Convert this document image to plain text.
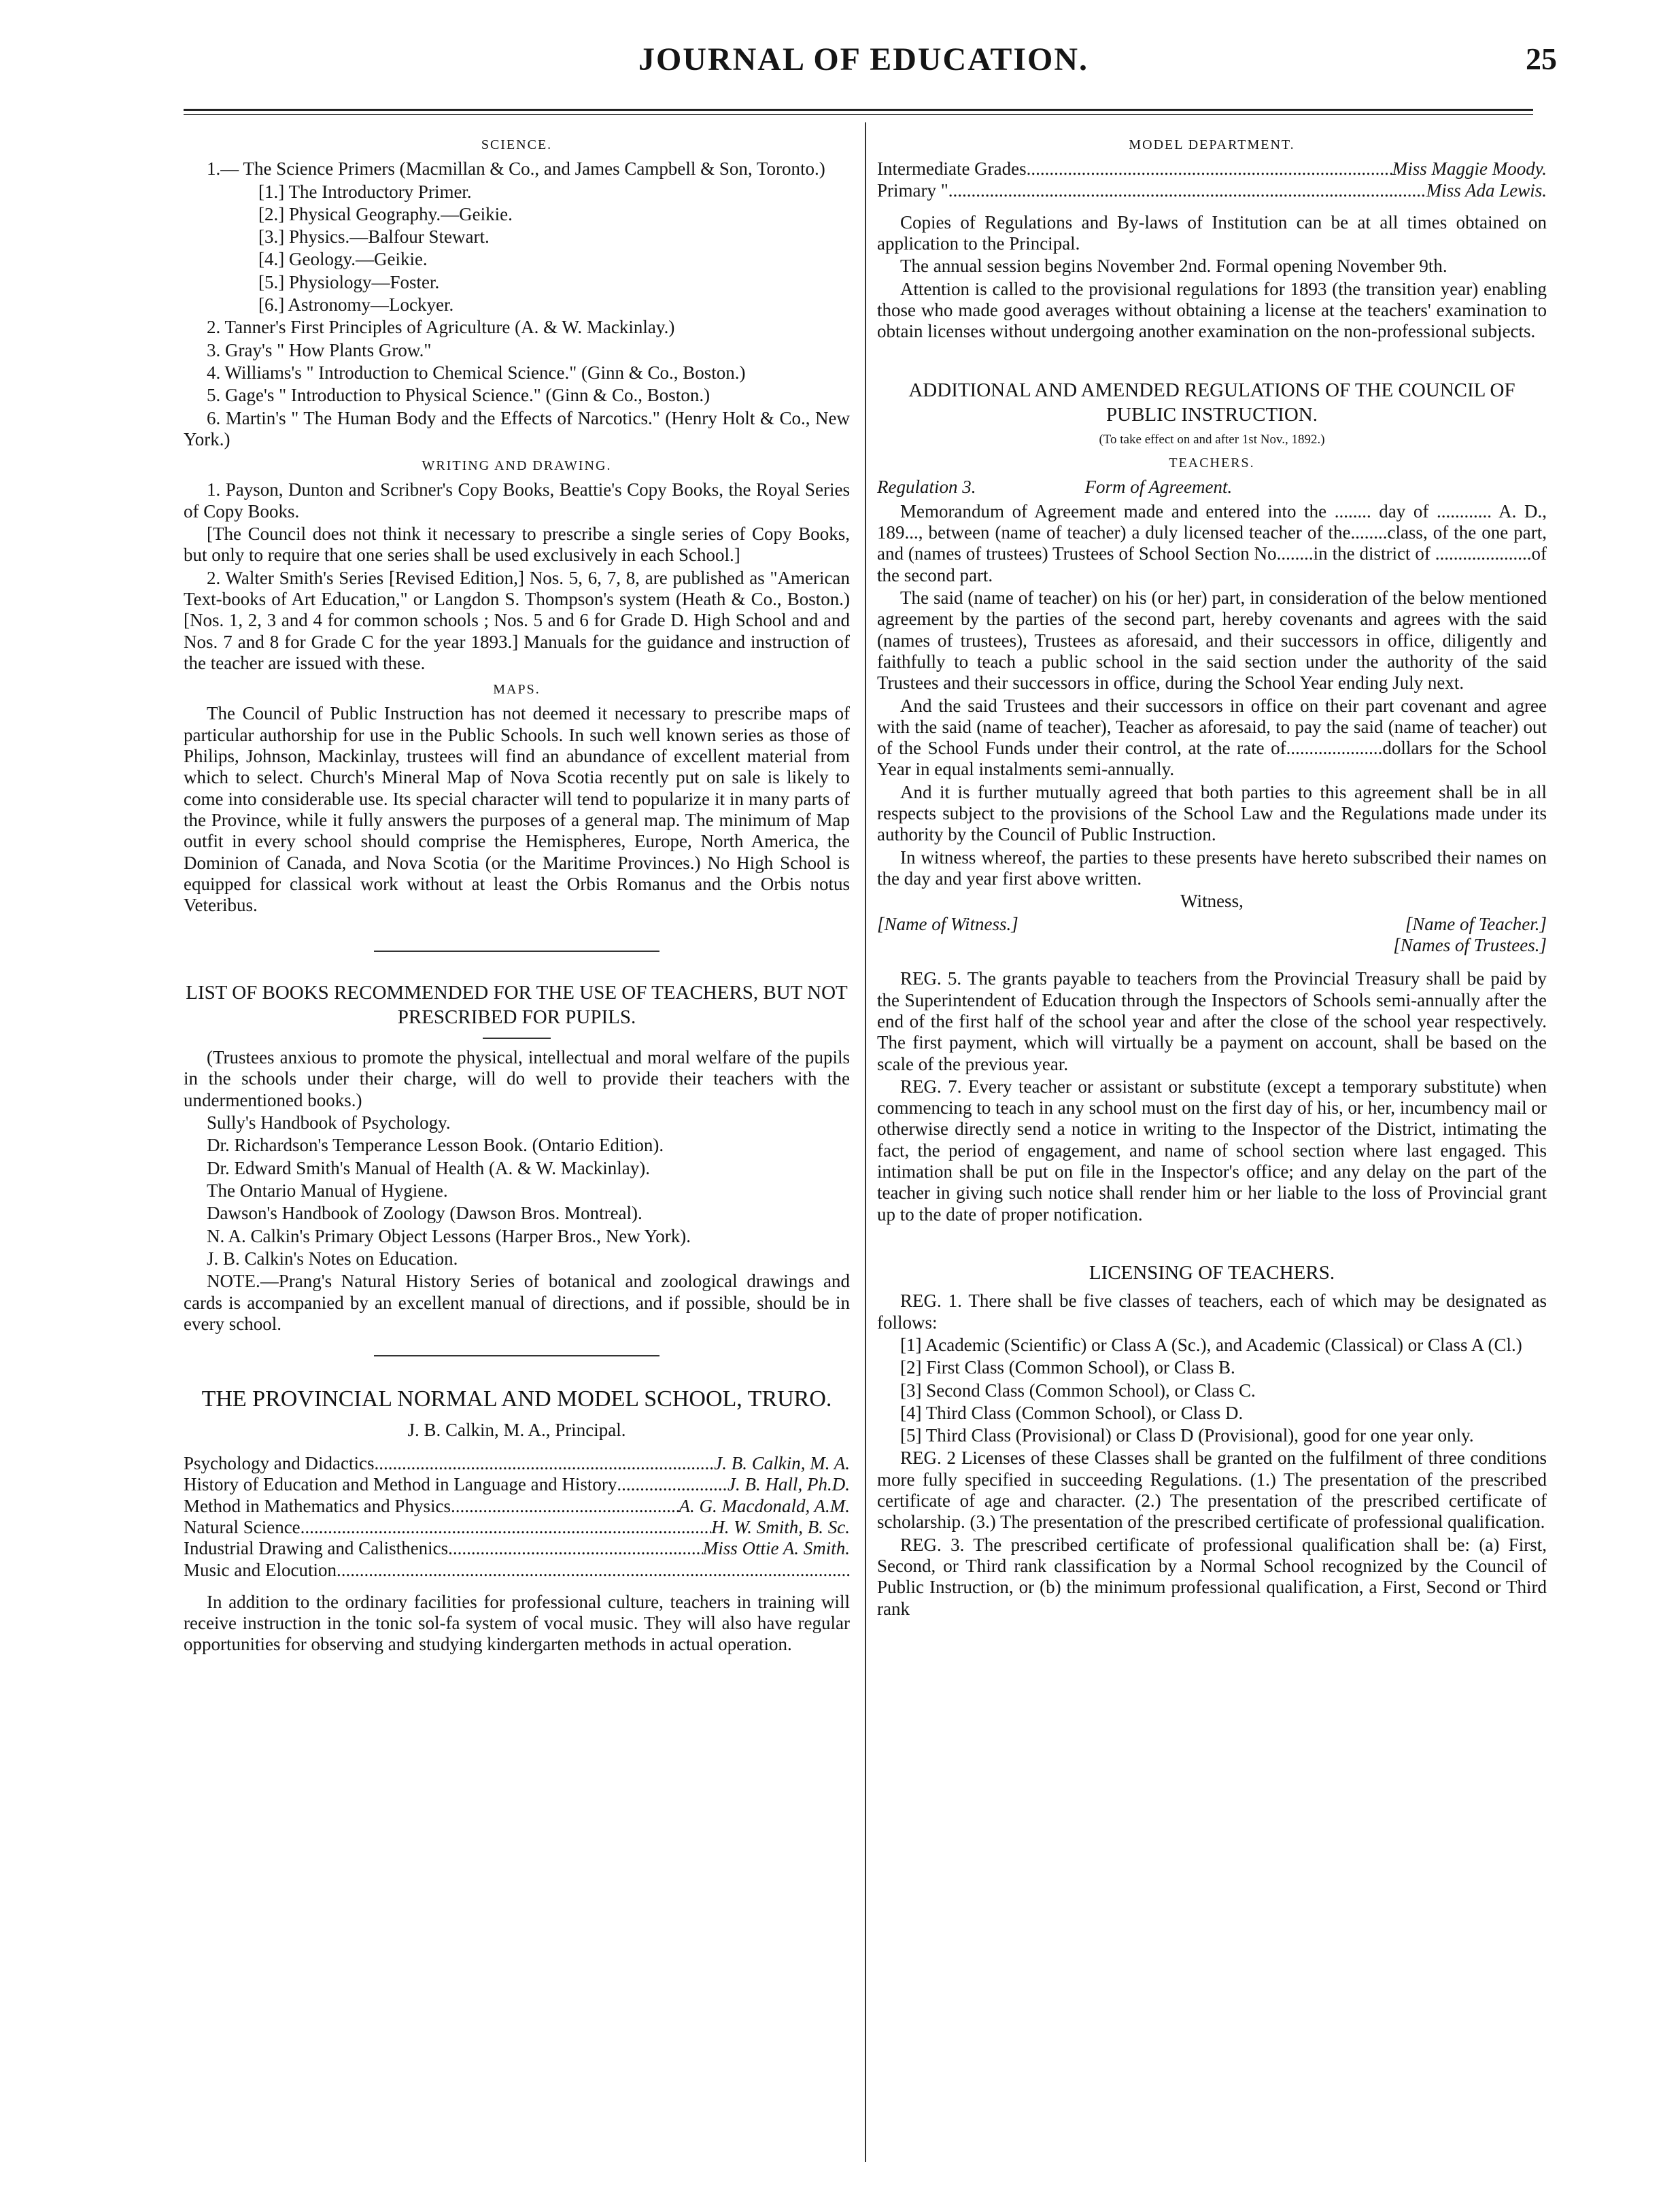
JOURNAL OF EDUCATION.	25
SCIENCE.

1.— The Science Primers (Macmillan & Co., and James Campbell & Son, Toronto.)

[1.] The Introductory Primer.

[2.] Physical Geography.—Geikie.

[3.] Physics.—Balfour Stewart.

[4.] Geology.—Geikie.

[5.] Physiology—Foster.

[6.] Astronomy—Lockyer.

2. Tanner's First Principles of Agriculture (A. & W. Mackinlay.)

3. Gray's " How Plants Grow."

4. Williams's " Introduction to Chemical Science." (Ginn & Co., Boston.)

5. Gage's " Introduction to Physical Science." (Ginn & Co., Boston.)

6. Martin's " The Human Body and the Effects of Narcotics." (Henry Holt & Co., New York.)

WRITING AND DRAWING.

1. Payson, Dunton and Scribner's Copy Books, Beattie's Copy Books, the Royal Series of Copy Books.

[The Council does not think it necessary to prescribe a single series of Copy Books, but only to require that one series shall be used exclusively in each School.]

2. Walter Smith's Series [Revised Edition,] Nos. 5, 6, 7, 8, are published as "American Text-books of Art Education," or Langdon S. Thompson's system (Heath & Co., Boston.) [Nos. 1, 2, 3 and 4 for common schools ; Nos. 5 and 6 for Grade D. High School and and Nos. 7 and 8 for Grade C for the year 1893.] Manuals for the guidance and instruction of the teacher are issued with these.

MAPS.

The Council of Public Instruction has not deemed it necessary to prescribe maps of particular authorship for use in the Public Schools. In such well known series as those of Philips, Johnson, Mackinlay, trustees will find an abundance of excellent material from which to select. Church's Mineral Map of Nova Scotia recently put on sale is likely to come into considerable use. Its special character will tend to popularize it in many parts of the Province, while it fully answers the purposes of a general map. The minimum of Map outfit in every school should comprise the Hemispheres, Europe, North America, the Dominion of Canada, and Nova Scotia (or the Maritime Provinces.) No High School is equipped for classical work without at least the Orbis Romanus and the Orbis notus Veteribus.

LIST OF BOOKS RECOMMENDED FOR THE USE OF TEACHERS, BUT NOT PRESCRIBED FOR PUPILS.

(Trustees anxious to promote the physical, intellectual and moral welfare of the pupils in the schools under their charge, will do well to provide their teachers with the undermentioned books.)

Sully's Handbook of Psychology.

Dr. Richardson's Temperance Lesson Book. (Ontario Edition).

Dr. Edward Smith's Manual of Health (A. & W. Mackinlay).

The Ontario Manual of Hygiene.

Dawson's Handbook of Zoology (Dawson Bros. Montreal).

N. A. Calkin's Primary Object Lessons (Harper Bros., New York).

J. B. Calkin's Notes on Education.

NOTE.—Prang's Natural History Series of botanical and zoological drawings and cards is accompanied by an excellent manual of directions, and if possible, should be in every school.

THE PROVINCIAL NORMAL AND MODEL SCHOOL, TRURO.

J. B. Calkin, M. A., Principal.

Psychology and Didactics .....	J. B. Calkin, M. A.
History of Education and Method in Language and History .....	J. B. Hall, Ph.D.
Method in Mathematics and Physics .....	A. G. Macdonald, A.M.
Natural Science .....	H. W. Smith, B. Sc.
Industrial Drawing and Calisthenics .....	Miss Ottie A. Smith.
Music and Elocution
.....

In addition to the ordinary facilities for professional culture, teachers in training will receive instruction in the tonic sol-fa system of vocal music. They will also have regular opportunities for observing and studying kindergarten methods in actual operation.

MODEL DEPARTMENT.
Intermediate Grades .....	Miss Maggie Moody.
Primary " .....	Miss Ada Lewis.

Copies of Regulations and By-laws of Institution can be at all times obtained on application to the Principal.

The annual session begins November 2nd. Formal opening November 9th.

Attention is called to the provisional regulations for 1893 (the transition year) enabling those who made good averages without obtaining a license at the teachers' examination to obtain licenses without undergoing another examination on the non-professional subjects.

ADDITIONAL AND AMENDED REGULATIONS OF THE COUNCIL OF PUBLIC INSTRUCTION.
(To take effect on and after 1st Nov., 1892.)
TEACHERS.
Regulation 3.	Form of Agreement.

Memorandum of Agreement made and entered into the ........ day of ............ A. D., 189..., between (name of teacher) a duly licensed teacher of the........class, of the one part, and (names of trustees) Trustees of School Section No........in the district of .....................of the second part.

The said (name of teacher) on his (or her) part, in consideration of the below mentioned agreement by the parties of the second part, hereby covenants and agrees with the said (names of trustees), Trustees as aforesaid, and their successors in office, diligently and faithfully to teach a public school in the said section under the authority of the said Trustees and their successors in office, during the School Year ending July next.

And the said Trustees and their successors in office on their part covenant and agree with the said (name of teacher), Teacher as aforesaid, to pay the said (name of teacher) out of the School Funds under their control, at the rate of.....................dollars for the School Year in equal instalments semi-annually.

And it is further mutually agreed that both parties to this agreement shall be in all respects subject to the provisions of the School Law and the Regulations made under its authority by the Council of Public Instruction.

In witness whereof, the parties to these presents have hereto subscribed their names on the day and year first above written.

Witness,

[Name of Witness.]	[Name of Teacher.]

[Names of Trustees.]

REG. 5. The grants payable to teachers from the Provincial Treasury shall be paid by the Superintendent of Education through the Inspectors of Schools semi-annually after the end of the first half of the school year and after the close of the school year respectively. The first payment, which will virtually be a payment on account, shall be based on the scale of the previous year.

REG. 7. Every teacher or assistant or substitute (except a temporary substitute) when commencing to teach in any school must on the first day of his, or her, incumbency mail or otherwise directly send a notice in writing to the Inspector of the District, intimating the fact, the period of engagement, and name of school section where last engaged. This intimation shall be put on file in the Inspector's office; and any delay on the part of the teacher in giving such notice shall render him or her liable to the loss of Provincial grant up to the date of proper notification.

LICENSING OF TEACHERS.

REG. 1. There shall be five classes of teachers, each of which may be designated as follows:

[1] Academic (Scientific) or Class A (Sc.), and Academic (Classical) or Class A (Cl.)

[2] First Class (Common School), or Class B.

[3] Second Class (Common School), or Class C.

[4] Third Class (Common School), or Class D.

[5] Third Class (Provisional) or Class D (Provisional), good for one year only.

REG. 2 Licenses of these Classes shall be granted on the fulfilment of three conditions more fully specified in succeeding Regulations. (1.) The presentation of the prescribed certificate of age and character. (2.) The presentation of the prescribed certificate of scholarship. (3.) The presentation of the prescribed certificate of professional qualification.

REG. 3. The prescribed certificate of professional qualification shall be: (a) First, Second, or Third rank classification by a Normal School recognized by the Council of Public Instruction, or (b) the minimum professional qualification, a First, Second or Third rank
